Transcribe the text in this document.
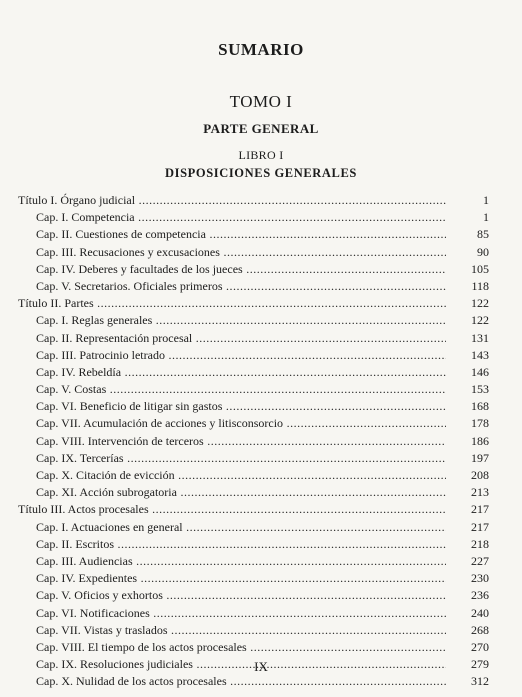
SUMARIO
TOMO I
PARTE GENERAL
LIBRO I
DISPOSICIONES GENERALES
Título I. Órgano judicial .....	1
Cap. I. Competencia .....	1
Cap. II. Cuestiones de competencia .....	85
Cap. III. Recusaciones y excusaciones .....	90
Cap. IV. Deberes y facultades de los jueces .....	105
Cap. V. Secretarios. Oficiales primeros .....	118
Título II. Partes .....	122
Cap. I. Reglas generales .....	122
Cap. II. Representación procesal .....	131
Cap. III. Patrocinio letrado .....	143
Cap. IV. Rebeldía .....	146
Cap. V. Costas .....	153
Cap. VI. Beneficio de litigar sin gastos .....	168
Cap. VII. Acumulación de acciones y litisconsorcio .....	178
Cap. VIII. Intervención de terceros .....	186
Cap. IX. Tercerías .....	197
Cap. X. Citación de evicción .....	208
Cap. XI. Acción subrogatoria .....	213
Título III. Actos procesales .....	217
Cap. I. Actuaciones en general .....	217
Cap. II. Escritos .....	218
Cap. III. Audiencias .....	227
Cap. IV. Expedientes .....	230
Cap. V. Oficios y exhortos .....	236
Cap. VI. Notificaciones .....	240
Cap. VII. Vistas y traslados .....	268
Cap. VIII. El tiempo de los actos procesales .....	270
Cap. IX. Resoluciones judiciales .....	279
Cap. X. Nulidad de los actos procesales .....	312
IX
